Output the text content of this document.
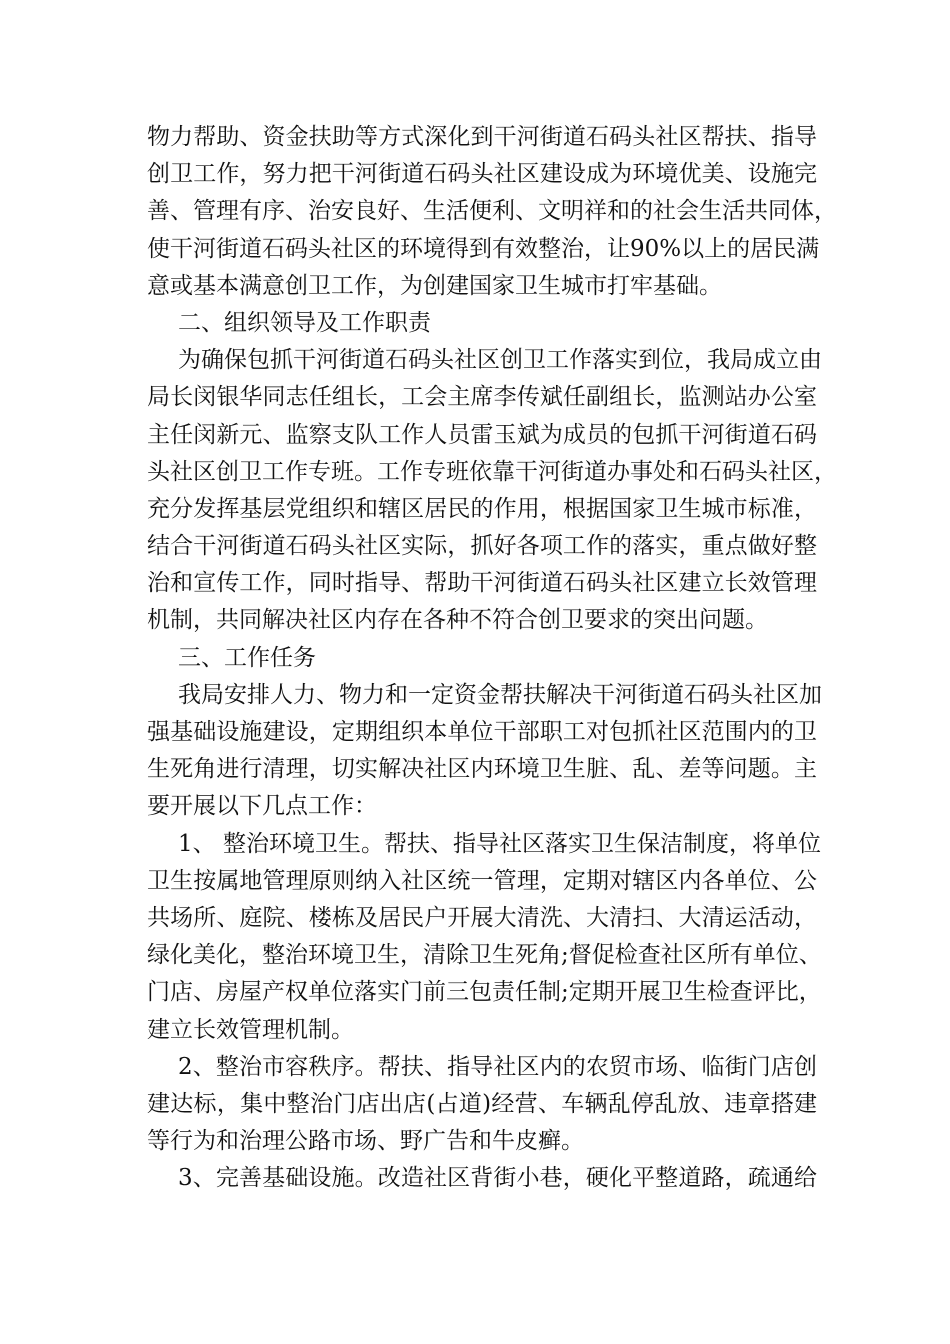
物力帮助、资金扶助等方式深化到干河街道石码头社区帮扶、指导
创卫工作，努力把干河街道石码头社区建设成为环境优美、设施完
善、管理有序、治安良好、生活便利、文明祥和的社会生活共同体，
使干河街道石码头社区的环境得到有效整治，让90%以上的居民满
意或基本满意创卫工作，为创建国家卫生城市打牢基础。
二、组织领导及工作职责
为确保包抓干河街道石码头社区创卫工作落实到位，我局成立由
局长闵银华同志任组长，工会主席李传斌任副组长，监测站办公室
主任闵新元、监察支队工作人员雷玉斌为成员的包抓干河街道石码
头社区创卫工作专班。工作专班依靠干河街道办事处和石码头社区，
充分发挥基层党组织和辖区居民的作用，根据国家卫生城市标准，
结合干河街道石码头社区实际，抓好各项工作的落实，重点做好整
治和宣传工作，同时指导、帮助干河街道石码头社区建立长效管理
机制，共同解决社区内存在各种不符合创卫要求的突出问题。
三、工作任务
我局安排人力、物力和一定资金帮扶解决干河街道石码头社区加
强基础设施建设，定期组织本单位干部职工对包抓社区范围内的卫
生死角进行清理，切实解决社区内环境卫生脏、乱、差等问题。主
要开展以下几点工作：
1、 整治环境卫生。帮扶、指导社区落实卫生保洁制度，将单位
卫生按属地管理原则纳入社区统一管理，定期对辖区内各单位、公
共场所、庭院、楼栋及居民户开展大清洗、大清扫、大清运活动，
绿化美化，整治环境卫生，清除卫生死角;督促检查社区所有单位、
门店、房屋产权单位落实门前三包责任制;定期开展卫生检查评比，
建立长效管理机制。
2、整治市容秩序。帮扶、指导社区内的农贸市场、临街门店创
建达标，集中整治门店出店(占道)经营、车辆乱停乱放、违章搭建
等行为和治理公路市场、野广告和牛皮癣。
3、完善基础设施。改造社区背街小巷，硬化平整道路，疏通给
